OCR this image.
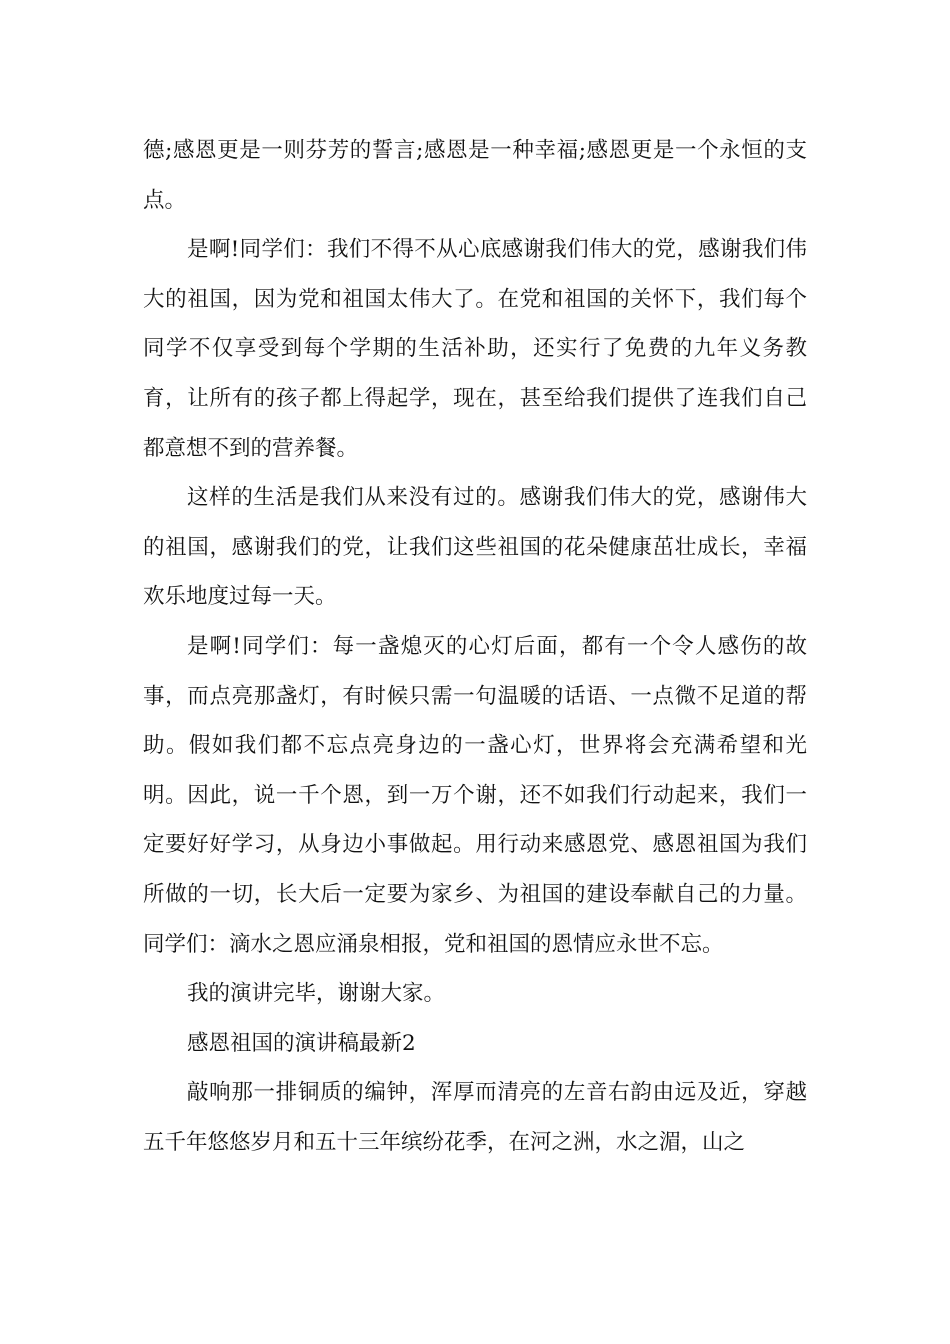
德;感恩更是一则芬芳的誓言;感恩是一种幸福;感恩更是一个永恒的支点。

是啊!同学们：我们不得不从心底感谢我们伟大的党，感谢我们伟大的祖国，因为党和祖国太伟大了。在党和祖国的关怀下，我们每个同学不仅享受到每个学期的生活补助，还实行了免费的九年义务教育，让所有的孩子都上得起学，现在，甚至给我们提供了连我们自己都意想不到的营养餐。

这样的生活是我们从来没有过的。感谢我们伟大的党，感谢伟大的祖国，感谢我们的党，让我们这些祖国的花朵健康茁壮成长，幸福欢乐地度过每一天。

是啊!同学们：每一盏熄灭的心灯后面，都有一个令人感伤的故事，而点亮那盏灯，有时候只需一句温暖的话语、一点微不足道的帮助。假如我们都不忘点亮身边的一盏心灯，世界将会充满希望和光明。因此，说一千个恩，到一万个谢，还不如我们行动起来，我们一定要好好学习，从身边小事做起。用行动来感恩党、感恩祖国为我们所做的一切，长大后一定要为家乡、为祖国的建设奉献自己的力量。同学们：滴水之恩应涌泉相报，党和祖国的恩情应永世不忘。

我的演讲完毕，谢谢大家。

感恩祖国的演讲稿最新2

敲响那一排铜质的编钟，浑厚而清亮的左音右韵由远及近，穿越五千年悠悠岁月和五十三年缤纷花季，在河之洲，水之湄，山之
